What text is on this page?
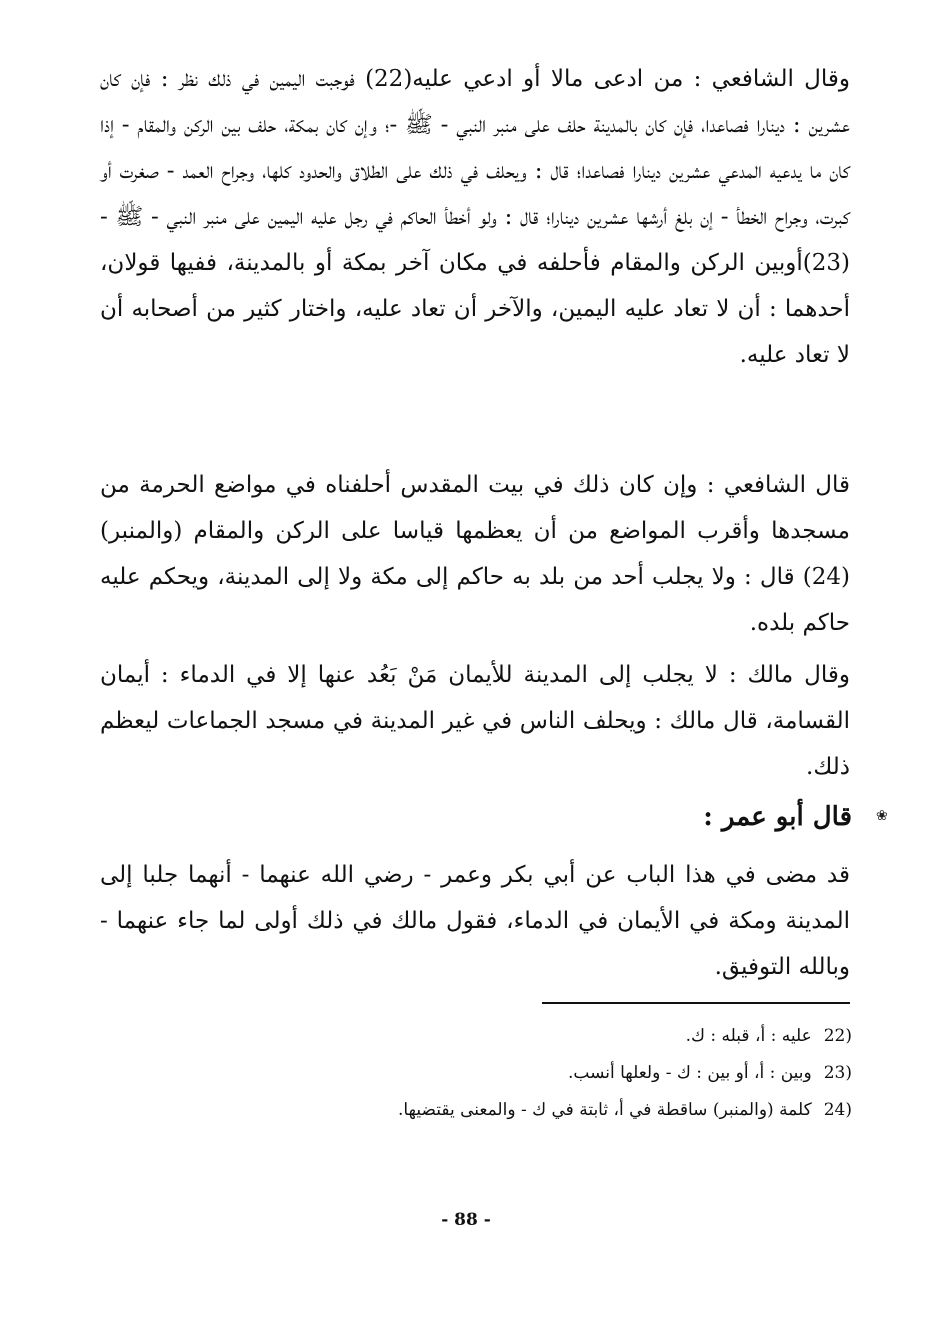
وقال الشافعي : من ادعى مالا أو ادعي عليه(22) فوجبت اليمين في ذلك نظر : فإن كان عشرين : دينارا فصاعدا، فإن كان بالمدينة حلف على منبر النبي - ﷺ -؛ وإن كان بمكة، حلف بين الركن والمقام - إذا كان ما يدعيه المدعي عشرين دينارا فصاعدا؛ قال : ويحلف في ذلك على الطلاق والحدود كلها، وجراح العمد - صغرت أو كبرت، وجراح الخطأ - إن بلغ أرشها عشرين دينارا؛ قال : ولو أخطأ الحاكم في رجل عليه اليمين على منبر النبي - ﷺ -(23)أوبين الركن والمقام فأحلفه في مكان آخر بمكة أو بالمدينة، ففيها قولان، أحدهما : أن لا تعاد عليه اليمين، والآخر أن تعاد عليه، واختار كثير من أصحابه أن لا تعاد عليه.

قال الشافعي : وإن كان ذلك في بيت المقدس أحلفناه في مواضع الحرمة من مسجدها وأقرب المواضع من أن يعظمها قياسا على الركن والمقام (والمنبر)(24) قال : ولا يجلب أحد من بلد به حاكم إلى مكة ولا إلى المدينة، ويحكم عليه حاكم بلده.

وقال مالك : لا يجلب إلى المدينة للأيمان مَنْ بَعُد عنها إلا في الدماء : أيمان القسامة، قال مالك : ويحلف الناس في غير المدينة في مسجد الجماعات ليعظم ذلك.

❀
قال أبو عمر :

قد مضى في هذا الباب عن أبي بكر وعمر - رضي الله عنهما - أنهما جلبا إلى المدينة ومكة في الأيمان في الدماء، فقول مالك في ذلك أولى لما جاء عنهما - وبالله التوفيق.

22)
عليه : أ، قبله : ك.
23)
وبين : أ، أو بين : ك - ولعلها أنسب.
24)
كلمة (والمنبر) ساقطة في أ، ثابتة في ك - والمعنى يقتضيها.
- 88 -
